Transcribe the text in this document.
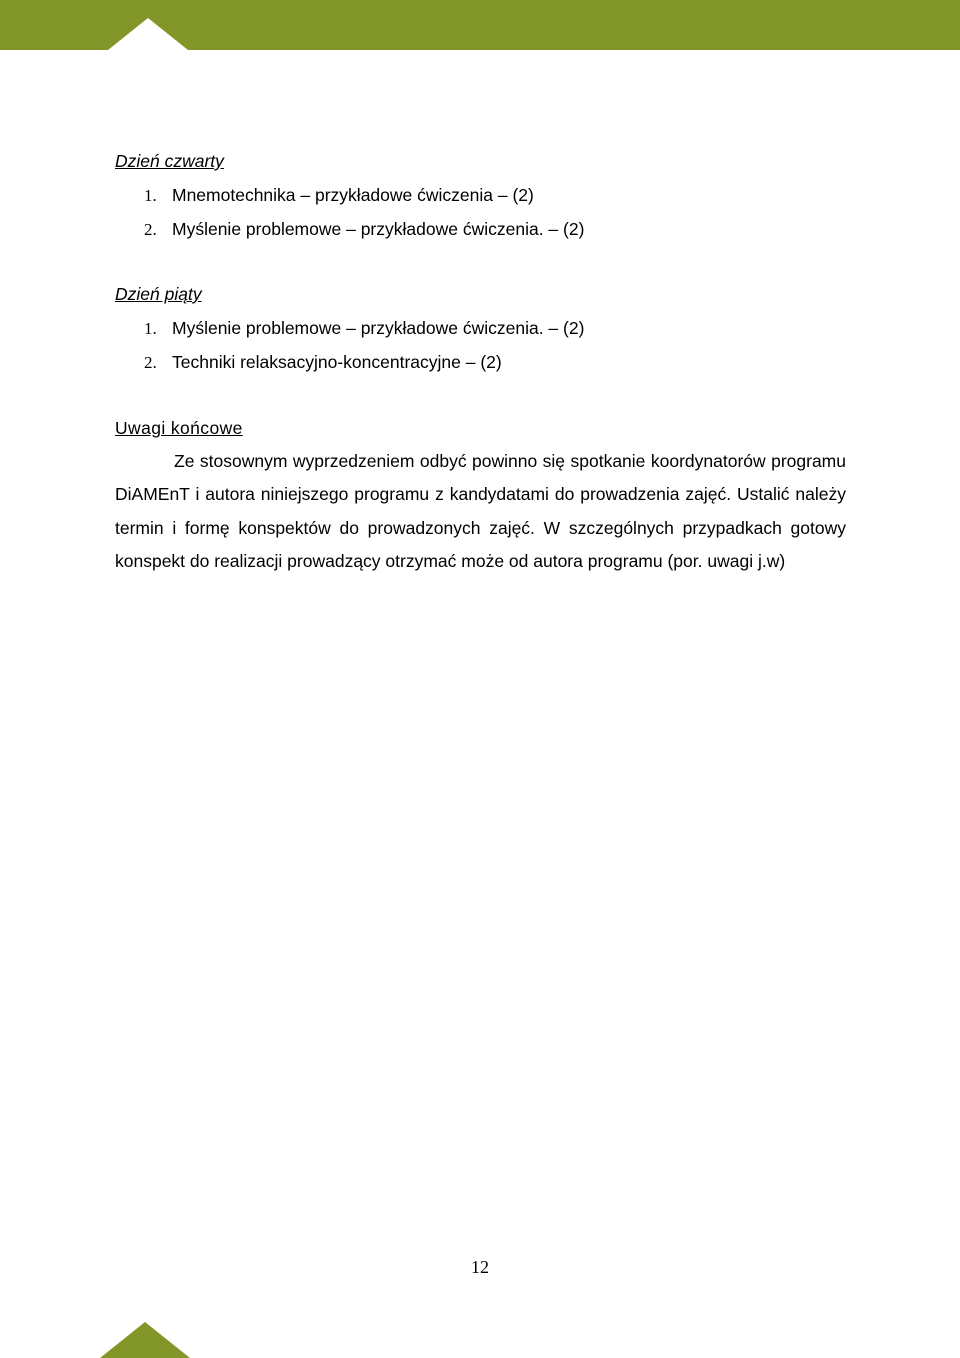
Dzień czwarty
1. Mnemotechnika – przykładowe ćwiczenia – (2)
2. Myślenie problemowe – przykładowe ćwiczenia. – (2)
Dzień piąty
1. Myślenie problemowe – przykładowe ćwiczenia. – (2)
2. Techniki relaksacyjno-koncentracyjne – (2)
Uwagi końcowe

Ze stosownym wyprzedzeniem odbyć powinno się spotkanie koordynatorów programu DiAMEnT i autora niniejszego programu z kandydatami do prowadzenia zajęć. Ustalić należy termin i formę konspektów do prowadzonych zajęć. W szczególnych przypadkach gotowy konspekt do realizacji prowadzący otrzymać może od autora programu (por. uwagi j.w)

12
